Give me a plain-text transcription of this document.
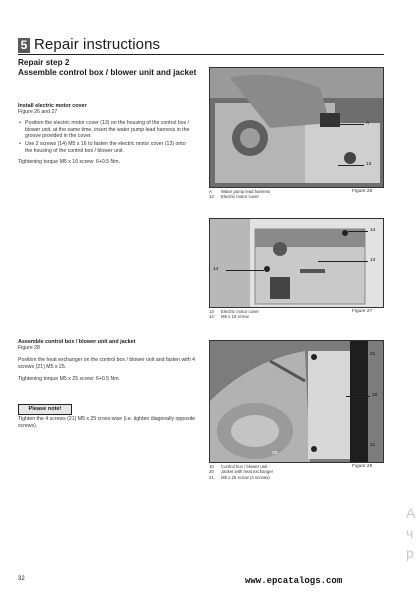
5 Repair instructions
Repair step 2
Assemble control box / blower unit and jacket
Install electric motor cover
Figure 26 and 27
• Position the electric motor cover (13) on the housing of the control box / blower unit, at the same time, insert the water pump lead harness in the groove provided in the cover.
• Use 2 screws (14) M5 x 16 to fasten the electric motor cover (13) onto the housing of the control box / blower unit.
Tightening torque M5 x 16 screw: 6+0.5 Nm.
Assemble control box / blower unit and jacket
Figure 28
Position the heat exchanger on the control box / blower unit and fasten with 4 screws (21) M5 x 25.
Tightening torque M5 x 25 screw: 6+0.5 Nm.
Please note!
Tighten the 4 screws (21) M5 x 25 cross-wise (i.e. tighten diagonally opposite screws).
A
13
A Water pump lead harness
13 Electric motor cover
Figure 26
14
14
13
13 Electric motor cover
14 M5 x 16 screw
Figure 27
21
10
20
21
10 Control box / blower unit
20 Jacket with heat exchanger
21 M5 x 25 screw (4 screws)
Figure 28
A
ч
p
32	www.epcatalogs.com
